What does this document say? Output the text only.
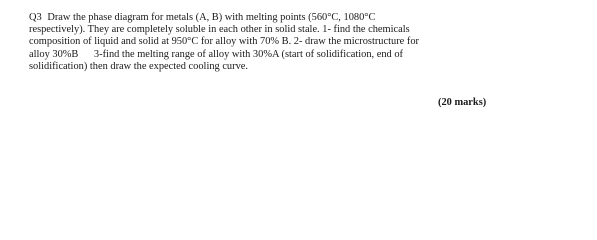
Q3 Draw the phase diagram for metals (A, B) with melting points (560°C, 1080°C
respectively). They are completely soluble in each other in solid stale. 1- find the chemicals
composition of liquid and solid at 950°C for alloy with 70% B. 2- draw the microstructure for
alloy 30%B      3-find the melting range of alloy with 30%A (start of solidification, end of
solidification) then draw the expected cooling curve.
(20 marks)
